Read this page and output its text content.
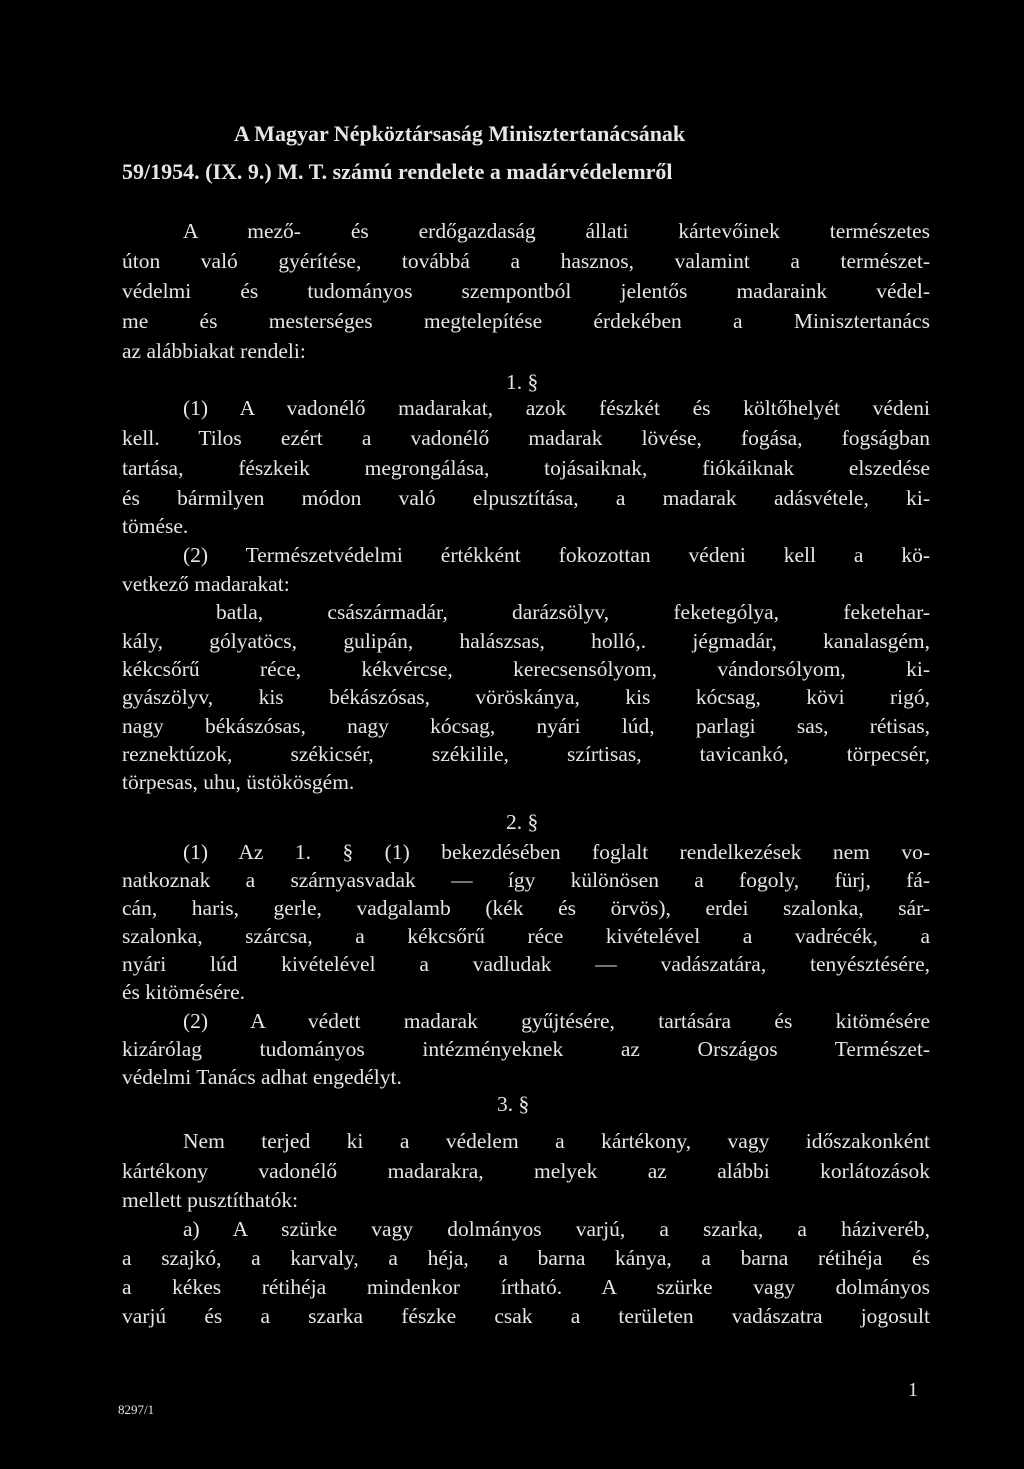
A Magyar Népköztársaság Minisztertanácsának
59/1954. (IX. 9.) M. T. számú rendelete a madárvédelemről
A mező- és erdőgazdaság állati kártevőinek természetes
úton való gyérítése, továbbá a hasznos, valamint a természet-
védelmi és tudományos szempontból jelentős madaraink védel-
me és mesterséges megtelepítése érdekében a Minisztertanács
az alábbiakat rendeli:
1. §
(1) A vadonélő madarakat, azok fészkét és költőhelyét védeni
kell. Tilos ezért a vadonélő madarak lövése, fogása, fogságban
tartása, fészkeik megrongálása, tojásaiknak, fiókáiknak elszedése
és bármilyen módon való elpusztítása, a madarak adásvétele, ki-
tömése.
(2) Természetvédelmi értékként fokozottan védeni kell a kö-
vetkező madarakat:
batla, császármadár, darázsölyv, feketególya, feketehar-
kály, gólyatöcs, gulipán, halászsas, holló,. jégmadár, kanalasgém,
kékcsőrű réce, kékvércse, kerecsensólyom, vándorsólyom, ki-
gyászölyv, kis békászósas, vöröskánya, kis kócsag, kövi rigó,
nagy békászósas, nagy kócsag, nyári lúd, parlagi sas, rétisas,
reznektúzok, székicsér, székilile, szírtisas, tavicankó, törpecsér,
törpesas, uhu, üstökösgém.
2. §
(1) Az 1. § (1) bekezdésében foglalt rendelkezések nem vo-
natkoznak a szárnyasvadak — így különösen a fogoly, fürj, fá-
cán, haris, gerle, vadgalamb (kék és örvös), erdei szalonka, sár-
szalonka, szárcsa, a kékcsőrű réce kivételével a vadrécék, a
nyári lúd kivételével a vadludak — vadászatára, tenyésztésére,
és kitömésére.
(2) A védett madarak gyűjtésére, tartására és kitömésére
kizárólag tudományos intézményeknek az Országos Természet-
védelmi Tanács adhat engedélyt.
3. §
Nem terjed ki a védelem a kártékony, vagy időszakonként
kártékony vadonélő madarakra, melyek az alábbi korlátozások
mellett pusztíthatók:
a) A szürke vagy dolmányos varjú, a szarka, a háziveréb,
a szajkó, a karvaly, a héja, a barna kánya, a barna rétihéja és
a kékes rétihéja mindenkor írtható. A szürke vagy dolmányos
varjú és a szarka fészke csak a területen vadászatra jogosult
1
8297/1
